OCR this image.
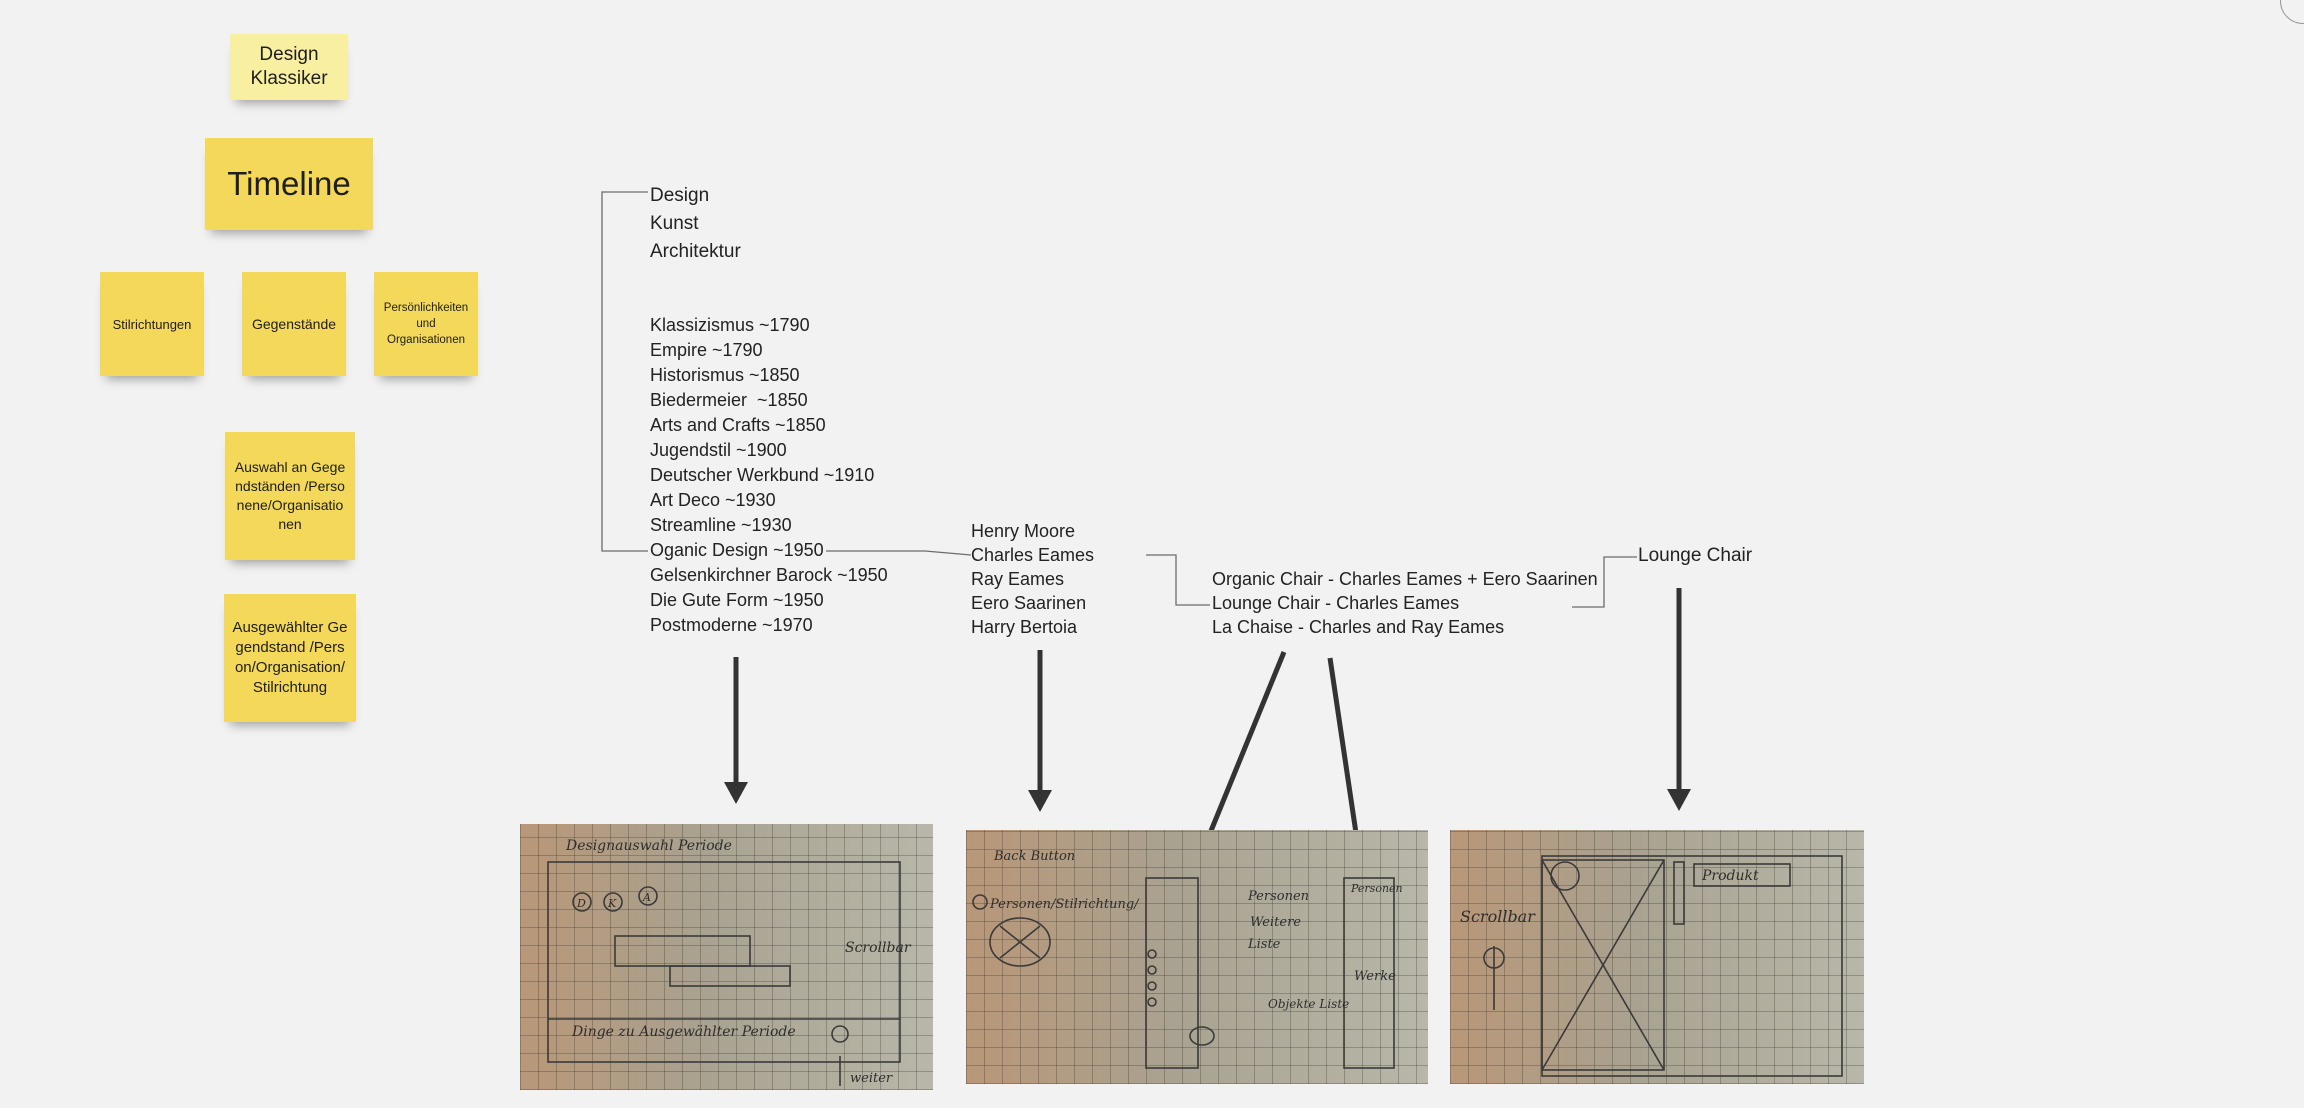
Design
Klassiker
Timeline
Stilrichtungen	Gegenstände
Persönlichkeiten und Organisationen
Auswahl an Gegendständen /Personene/Organisationen
Ausgewählter Gegendstand /Person/Organisation/Stilrichtung
Design
Kunst
Architektur
Klassizismus ~1790
Empire ~1790
Historismus ~1850
Biedermeier  ~1850
Arts and Crafts ~1850
Jugendstil ~1900
Deutscher Werkbund ~1910
Art Deco ~1930
Streamline ~1930
Oganic Design ~1950
Gelsenkirchner Barock ~1950
Die Gute Form ~1950
Postmoderne ~1970
Henry Moore
Charles Eames
Ray Eames
Eero Saarinen
Harry Bertoia
Organic Chair - Charles Eames + Eero Saarinen
Lounge Chair - Charles Eames
La Chaise - Charles and Ray Eames
Lounge Chair
Designauswahl Periode
D K A
Scrollbar
Dinge zu Ausgewählter Periode
weiter
Back Button
Personen/Stilrichtung/
Personen
Personen
Weitere
Liste
Werke
Objekte Liste
Scrollbar
Produkt
